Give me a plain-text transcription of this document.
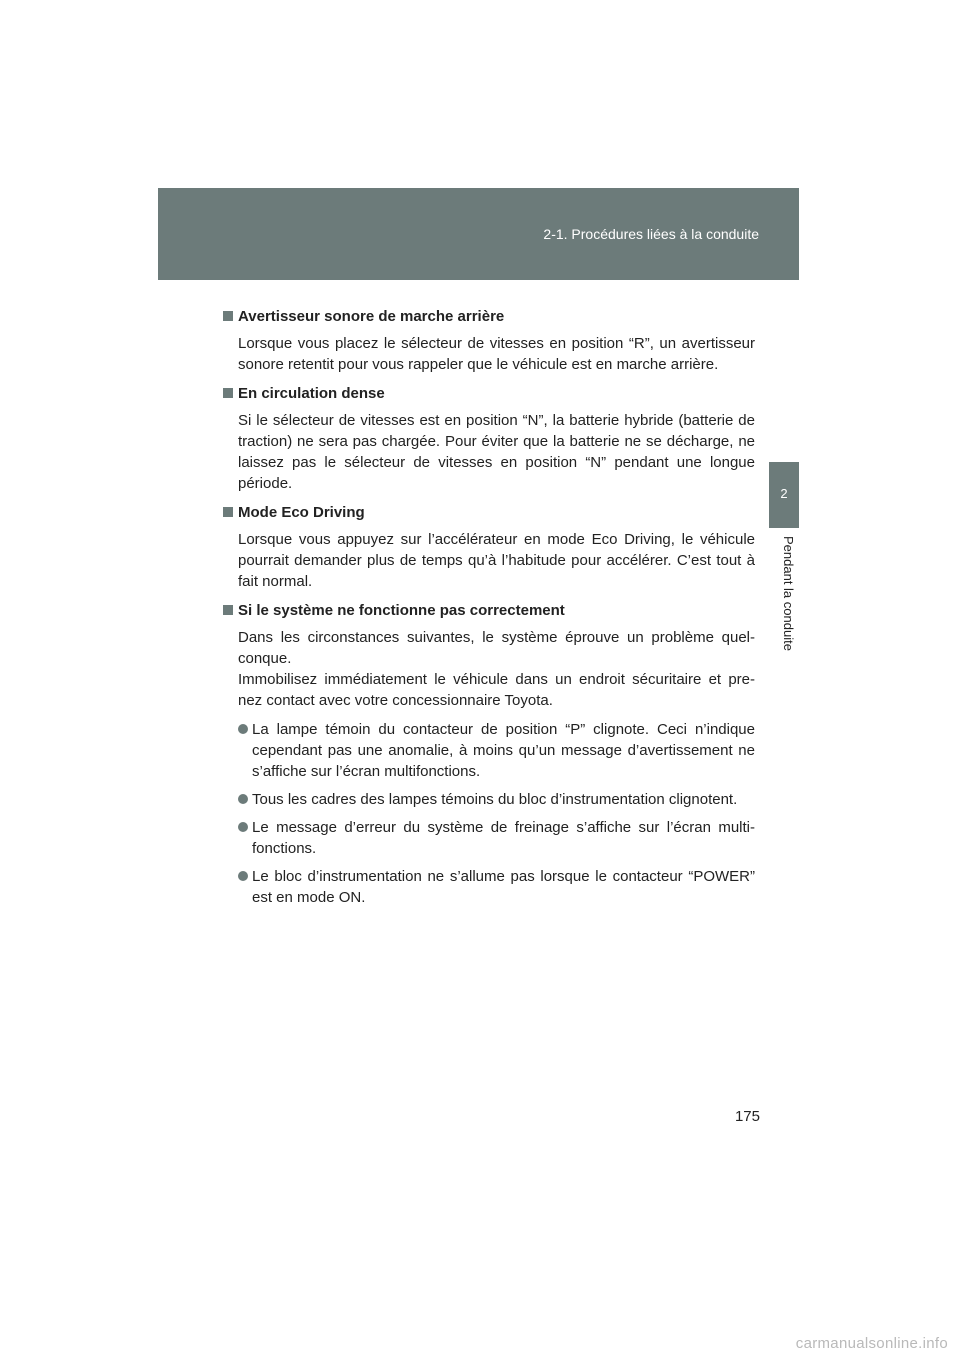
2-1. Procédures liées à la conduite
2
Pendant la conduite
Avertisseur sonore de marche arrière

Lorsque vous placez le sélecteur de vitesses en position “R”, un avertisseur sonore retentit pour vous rappeler que le véhicule est en marche arrière.

En circulation dense

Si le sélecteur de vitesses est en position “N”, la batterie hybride (batterie de traction) ne sera pas chargée. Pour éviter que la batterie ne se décharge, ne laissez pas le sélecteur de vitesses en position “N” pendant une longue période.

Mode Eco Driving

Lorsque vous appuyez sur l’accélérateur en mode Eco Driving, le véhicule pourrait demander plus de temps qu’à l’habitude pour accélérer. C’est tout à fait normal.

Si le système ne fonctionne pas correctement

Dans les circonstances suivantes, le système éprouve un problème quel- conque.

Immobilisez immédiatement le véhicule dans un endroit sécuritaire et pre- nez contact avec votre concessionnaire Toyota.

La lampe témoin du contacteur de position “P” clignote. Ceci n’indique cependant pas une anomalie, à moins qu’un message d’avertissement ne s’affiche sur l’écran multifonctions.
Tous les cadres des lampes témoins du bloc d’instrumentation clignotent.
Le message d’erreur du système de freinage s’affiche sur l’écran multi- fonctions.
Le bloc d’instrumentation ne s’allume pas lorsque le contacteur “POWER” est en mode ON.
175
carmanualsonline.info
